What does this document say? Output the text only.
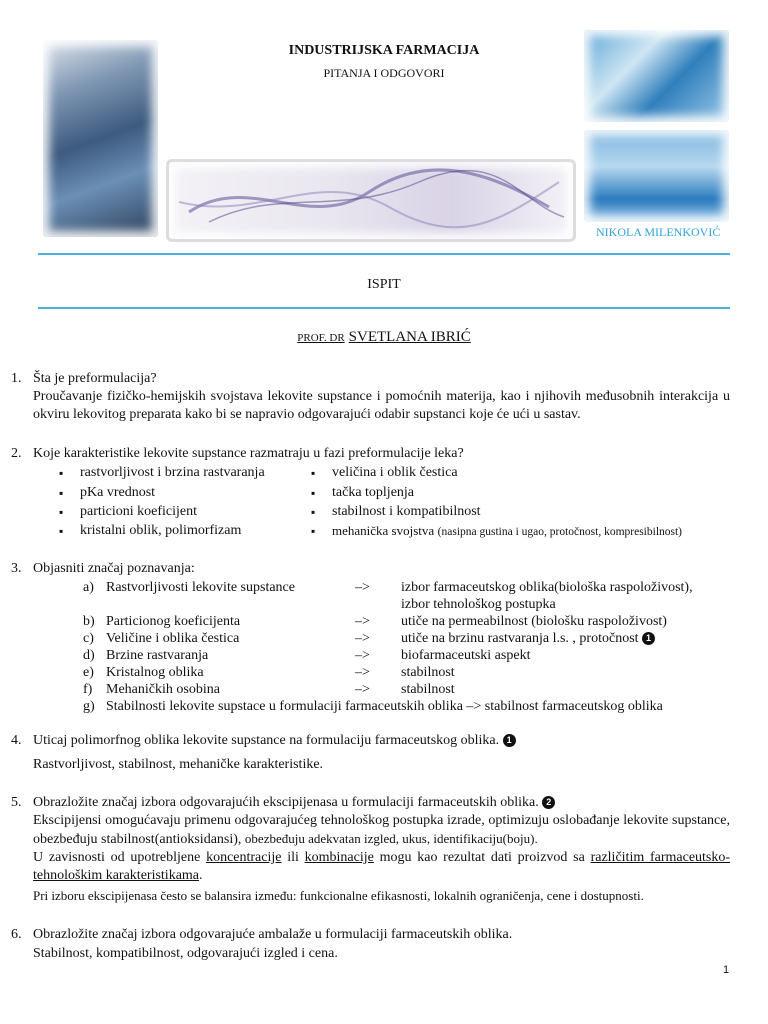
INDUSTRIJSKA FARMACIJA
PITANJA I ODGOVORI
NIKOLA MILENKOVIĆ
ISPIT
PROF. DR SVETLANA IBRIĆ
1. Šta je preformulacija?
Proučavanje fizičko-hemijskih svojstava lekovite supstance i pomoćnih materija, kao i njihovih međusobnih interakcija u okviru lekovitog preparata kako bi se napravio odgovarajući odabir supstanci koje će ući u sastav.
2. Koje karakteristike lekovite supstance razmatraju u fazi preformulacije leka?
▪ rastvorljivost i brzina rastvaranja
▪ pKa vrednost
▪ particioni koeficijent
▪ kristalni oblik, polimorfizam
▪ veličina i oblik čestica
▪ tačka topljenja
▪ stabilnost i kompatibilnost
▪ mehanička svojstva (nasipna gustina i ugao, protočnost, kompresibilnost)
3. Objasniti značaj poznavanja:
a) Rastvorljivosti lekovite supstance	–> izbor farmaceutskog oblika(biološka raspoloživost),
izbor tehnološkog postupka
b) Particionog koeficijenta	–> utiče na permeabilnost (biološku raspoloživost)
c) Veličine i oblika čestica	–> utiče na brzinu rastvaranja l.s. , protočnost 1
d) Brzine rastvaranja	–> biofarmaceutski aspekt
e) Kristalnog oblika	–> stabilnost
f) Mehaničkih osobina	–> stabilnost
g) Stabilnosti lekovite supstace u formulaciji farmaceutskih oblika –> stabilnost farmaceutskog oblika
4. Uticaj polimorfnog oblika lekovite supstance na formulaciju farmaceutskog oblika. 1
Rastvorljivost, stabilnost, mehaničke karakteristike.
5. Obrazložite značaj izbora odgovarajućih ekscipijenasa u formulaciji farmaceutskih oblika. 2
Ekscipijensi omogućavaju primenu odgovarajućeg tehnološkog postupka izrade, optimizuju oslobađanje lekovite supstance, obezbeđuju stabilnost(antioksidansi), obezbeđuju adekvatan izgled, ukus, identifikaciju(boju).
U zavisnosti od upotrebljene koncentracije ili kombinacije mogu kao rezultat dati proizvod sa različitim farmaceutsko-tehnološkim karakteristikama.
Pri izboru ekscipijenasa često se balansira između: funkcionalne efikasnosti, lokalnih ograničenja, cene i dostupnosti.
6. Obrazložite značaj izbora odgovarajuće ambalaže u formulaciji farmaceutskih oblika.
Stabilnost, kompatibilnost, odgovarajući izgled i cena.
1
